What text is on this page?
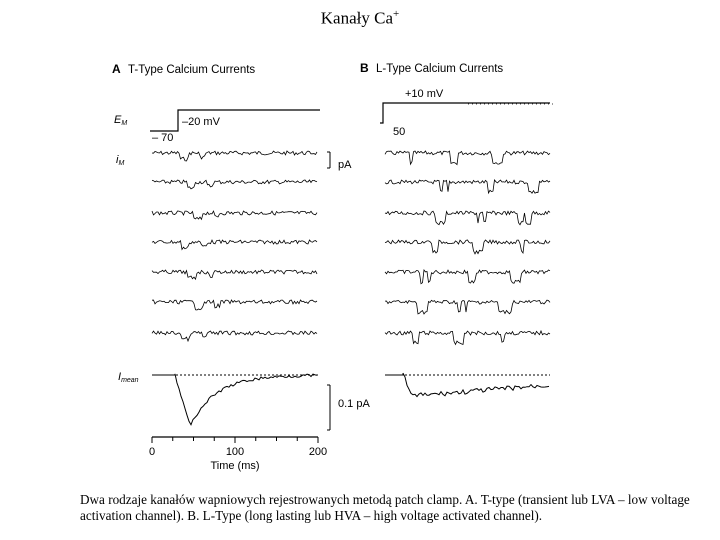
Kanały Ca+
A T-Type Calcium Currents	B L-Type Calcium Currents
EM	–20 mV
– 70
+10 mV
50
iM	pA
Imean
0.1 pA
0	100	200
Time (ms)
Dwa rodzaje kanałów wapniowych rejestrowanych metodą patch clamp. A. T-type (transient lub LVA – low voltage activation channel). B. L-Type (long lasting lub HVA – high voltage activated channel).
